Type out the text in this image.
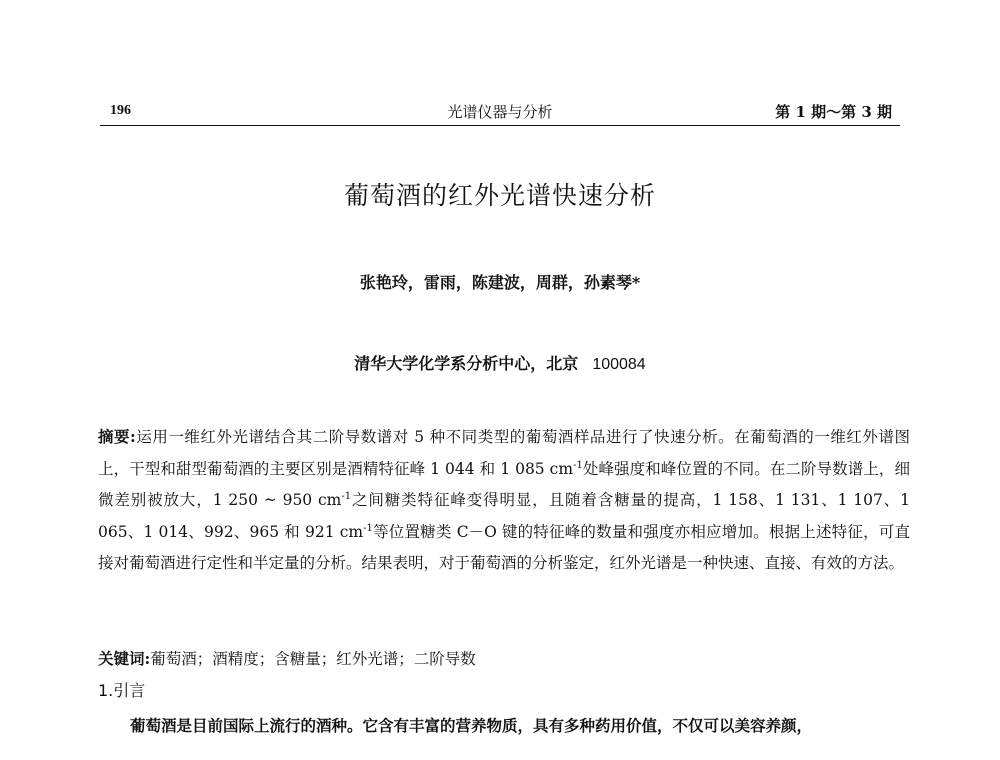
196	光谱仪器与分析	第 1 期～第 3 期
葡萄酒的红外光谱快速分析
张艳玲，雷雨，陈建波，周群，孙素琴*
清华大学化学系分析中心，北京 100084
摘要:运用一维红外光谱结合其二阶导数谱对 5 种不同类型的葡萄酒样品进行了快速分析。在葡萄酒的一维红外谱图上，干型和甜型葡萄酒的主要区别是酒精特征峰 1 044 和 1 085 $cm^{-1}$处峰强度和峰位置的不同。在二阶导数谱上，细微差别被放大，1 250 ~ 950 $cm^{-1}$之间糖类特征峰变得明显，且随着含糖量的提高，1 158、1 131、1 107、1 065、1 014、992、965 和 921 $cm^{-1}$等位置糖类 C－O 键的特征峰的数量和强度亦相应增加。根据上述特征，可直接对葡萄酒进行定性和半定量的分析。结果表明，对于葡萄酒的分析鉴定，红外光谱是一种快速、直接、有效的方法。
关键词:葡萄酒；酒精度；含糖量；红外光谱；二阶导数
1.引言
葡萄酒是目前国际上流行的酒种。它含有丰富的营养物质，具有多种药用价值，不仅可以美容养颜，
